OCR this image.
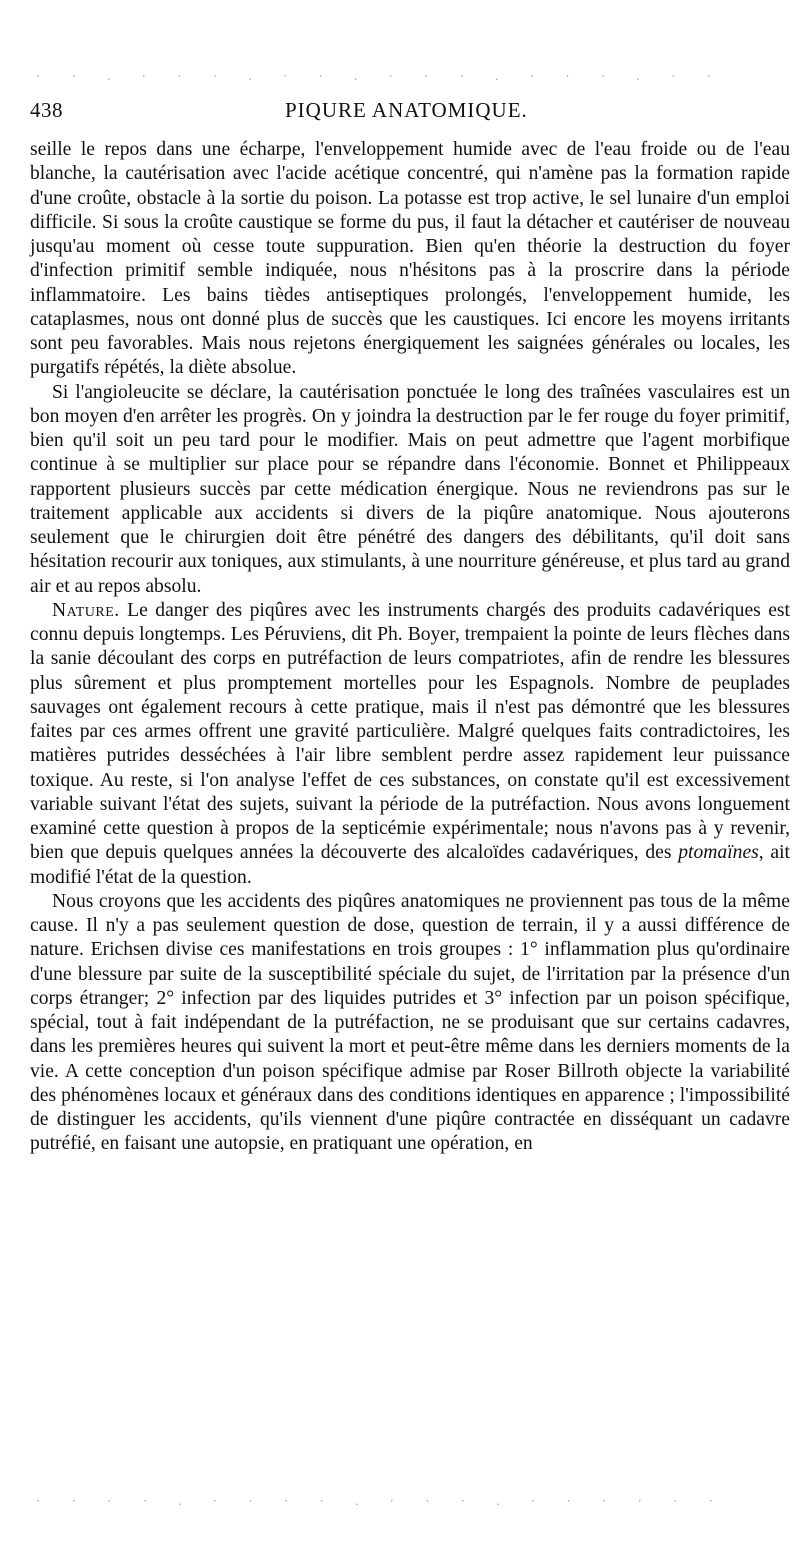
· · . · · · . · · . · · · . · · · . · ·
· · · · . · · · · . · · · . · · · · · ·
438	PIQURE ANATOMIQUE.

seille le repos dans une écharpe, l'enveloppement humide avec de l'eau froide ou de l'eau blanche, la cautérisation avec l'acide acétique concentré, qui n'amène pas la formation rapide d'une croûte, obstacle à la sortie du poison. La potasse est trop active, le sel lunaire d'un emploi difficile. Si sous la croûte caustique se forme du pus, il faut la détacher et cautériser de nouveau jusqu'au moment où cesse toute suppuration. Bien qu'en théorie la destruction du foyer d'infection primitif semble indiquée, nous n'hésitons pas à la proscrire dans la période inflammatoire. Les bains tièdes antiseptiques prolongés, l'enveloppement humide, les cataplasmes, nous ont donné plus de succès que les caustiques. Ici encore les moyens irritants sont peu favorables. Mais nous rejetons énergiquement les saignées générales ou locales, les purgatifs répétés, la diète absolue.

Si l'angioleucite se déclare, la cautérisation ponctuée le long des traînées vasculaires est un bon moyen d'en arrêter les progrès. On y joindra la destruction par le fer rouge du foyer primitif, bien qu'il soit un peu tard pour le modifier. Mais on peut admettre que l'agent morbifique continue à se multiplier sur place pour se répandre dans l'économie. Bonnet et Philippeaux rapportent plusieurs succès par cette médication énergique. Nous ne reviendrons pas sur le traitement applicable aux accidents si divers de la piqûre anatomique. Nous ajouterons seulement que le chirurgien doit être pénétré des dangers des débilitants, qu'il doit sans hésitation recourir aux toniques, aux stimulants, à une nourriture généreuse, et plus tard au grand air et au repos absolu.

Nature. Le danger des piqûres avec les instruments chargés des produits cadavériques est connu depuis longtemps. Les Péruviens, dit Ph. Boyer, trempaient la pointe de leurs flèches dans la sanie découlant des corps en putréfaction de leurs compatriotes, afin de rendre les blessures plus sûrement et plus promptement mortelles pour les Espagnols. Nombre de peuplades sauvages ont également recours à cette pratique, mais il n'est pas démontré que les blessures faites par ces armes offrent une gravité particulière. Malgré quelques faits contradictoires, les matières putrides desséchées à l'air libre semblent perdre assez rapidement leur puissance toxique. Au reste, si l'on analyse l'effet de ces substances, on constate qu'il est excessivement variable suivant l'état des sujets, suivant la période de la putréfaction. Nous avons longuement examiné cette question à propos de la septicémie expérimentale; nous n'avons pas à y revenir, bien que depuis quelques années la découverte des alcaloïdes cadavériques, des ptomaïnes, ait modifié l'état de la question.

Nous croyons que les accidents des piqûres anatomiques ne proviennent pas tous de la même cause. Il n'y a pas seulement question de dose, question de terrain, il y a aussi différence de nature. Erichsen divise ces manifestations en trois groupes : 1° inflammation plus qu'ordinaire d'une blessure par suite de la susceptibilité spéciale du sujet, de l'irritation par la présence d'un corps étranger; 2° infection par des liquides putrides et 3° infection par un poison spécifique, spécial, tout à fait indépendant de la putréfaction, ne se produisant que sur certains cadavres, dans les premières heures qui suivent la mort et peut-être même dans les derniers moments de la vie. A cette conception d'un poison spécifique admise par Roser Billroth objecte la variabilité des phénomènes locaux et généraux dans des conditions identiques en apparence ; l'impossibilité de distinguer les accidents, qu'ils viennent d'une piqûre contractée en disséquant un cadavre putréfié, en faisant une autopsie, en pratiquant une opération, en
